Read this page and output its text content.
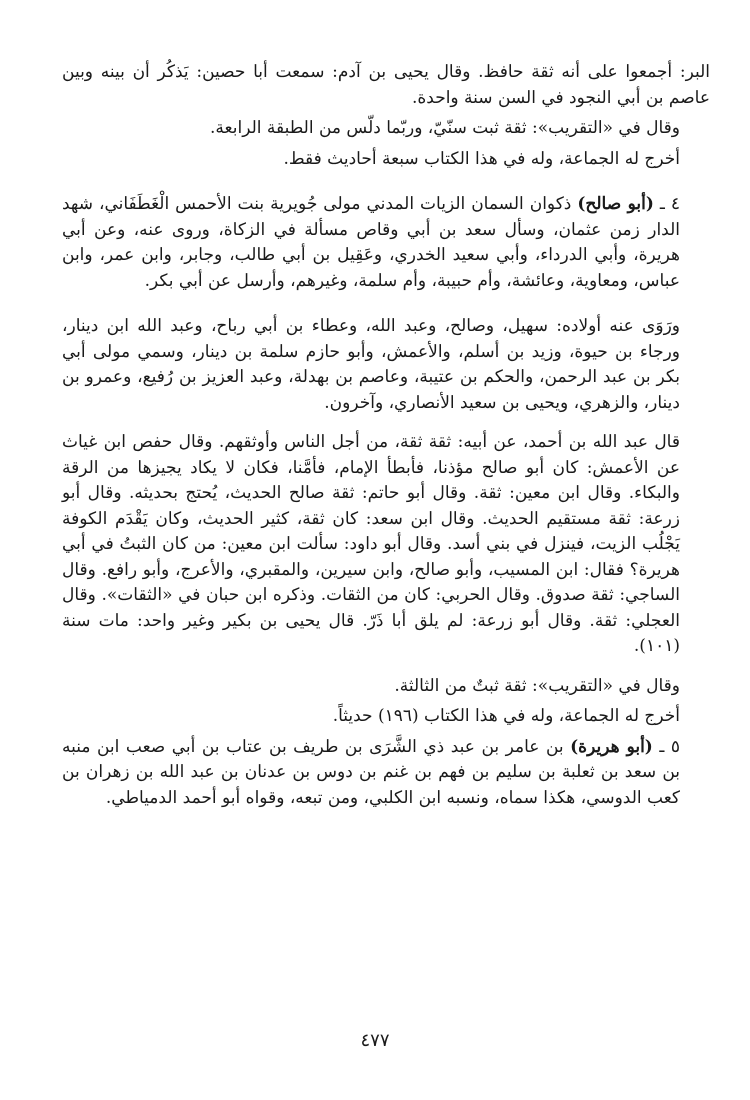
البر: أجمعوا على أنه ثقة حافظ. وقال يحيى بن آدم: سمعت أبا حصين: يَذكُر أن بينه وبين عاصم بن أبي النجود في السن سنة واحدة.

وقال في «التقريب»: ثقة ثبت سنّيّ، وربّما دلّس من الطبقة الرابعة.

أخرج له الجماعة، وله في هذا الكتاب سبعة أحاديث فقط.

٤ ـ (أبو صالح) ذكوان السمان الزيات المدني مولى جُويرية بنت الأحمس الْغَطَفَاني، شهد الدار زمن عثمان، وسأل سعد بن أبي وقاص مسألة في الزكاة، وروى عنه، وعن أبي هريرة، وأبي الدرداء، وأبي سعيد الخدري، وعَقِيل بن أبي طالب، وجابر، وابن عمر، وابن عباس، ومعاوية، وعائشة، وأم حبيبة، وأم سلمة، وغيرهم، وأرسل عن أبي بكر.

ورَوَى عنه أولاده: سهيل، وصالح، وعبد الله، وعطاء بن أبي رباح، وعبد الله ابن دينار، ورجاء بن حيوة، وزيد بن أسلم، والأعمش، وأبو حازم سلمة بن دينار، وسمي مولى أبي بكر بن عبد الرحمن، والحكم بن عتيبة، وعاصم بن بهدلة، وعبد العزيز بن رُفيع، وعمرو بن دينار، والزهري، ويحيى بن سعيد الأنصاري، وآخرون.

قال عبد الله بن أحمد، عن أبيه: ثقة ثقة، من أجل الناس وأوثقهم. وقال حفص ابن غياث عن الأعمش: كان أبو صالح مؤذنا، فأبطأ الإمام، فأمَّنا، فكان لا يكاد يجيزها من الرقة والبكاء. وقال ابن معين: ثقة. وقال أبو حاتم: ثقة صالح الحديث، يُحتج بحديثه. وقال أبو زرعة: ثقة مستقيم الحديث. وقال ابن سعد: كان ثقة، كثير الحديث، وكان يَقْدَم الكوفة يَجْلُب الزيت، فينزل في بني أسد. وقال أبو داود: سألت ابن معين: من كان الثبتُ في أبي هريرة؟ فقال: ابن المسيب، وأبو صالح، وابن سيرين، والمقبري، والأعرج، وأبو رافع. وقال الساجي: ثقة صدوق. وقال الحربي: كان من الثقات. وذكره ابن حبان في «الثقات». وقال العجلي: ثقة. وقال أبو زرعة: لم يلق أبا ذَرّ. قال يحيى بن بكير وغير واحد: مات سنة (١٠١).

وقال في «التقريب»: ثقة ثبتٌ من الثالثة.

أخرج له الجماعة، وله في هذا الكتاب (١٩٦) حديثاً.

٥ ـ (أبو هريرة) بن عامر بن عبد ذي الشَّرَى بن طريف بن عتاب بن أبي صعب ابن منبه بن سعد بن ثعلبة بن سليم بن فهم بن غنم بن دوس بن عدنان بن عبد الله بن زهران بن كعب الدوسي، هكذا سماه، ونسبه ابن الكلبي، ومن تبعه، وقواه أبو أحمد الدمياطي.

٤٧٧
